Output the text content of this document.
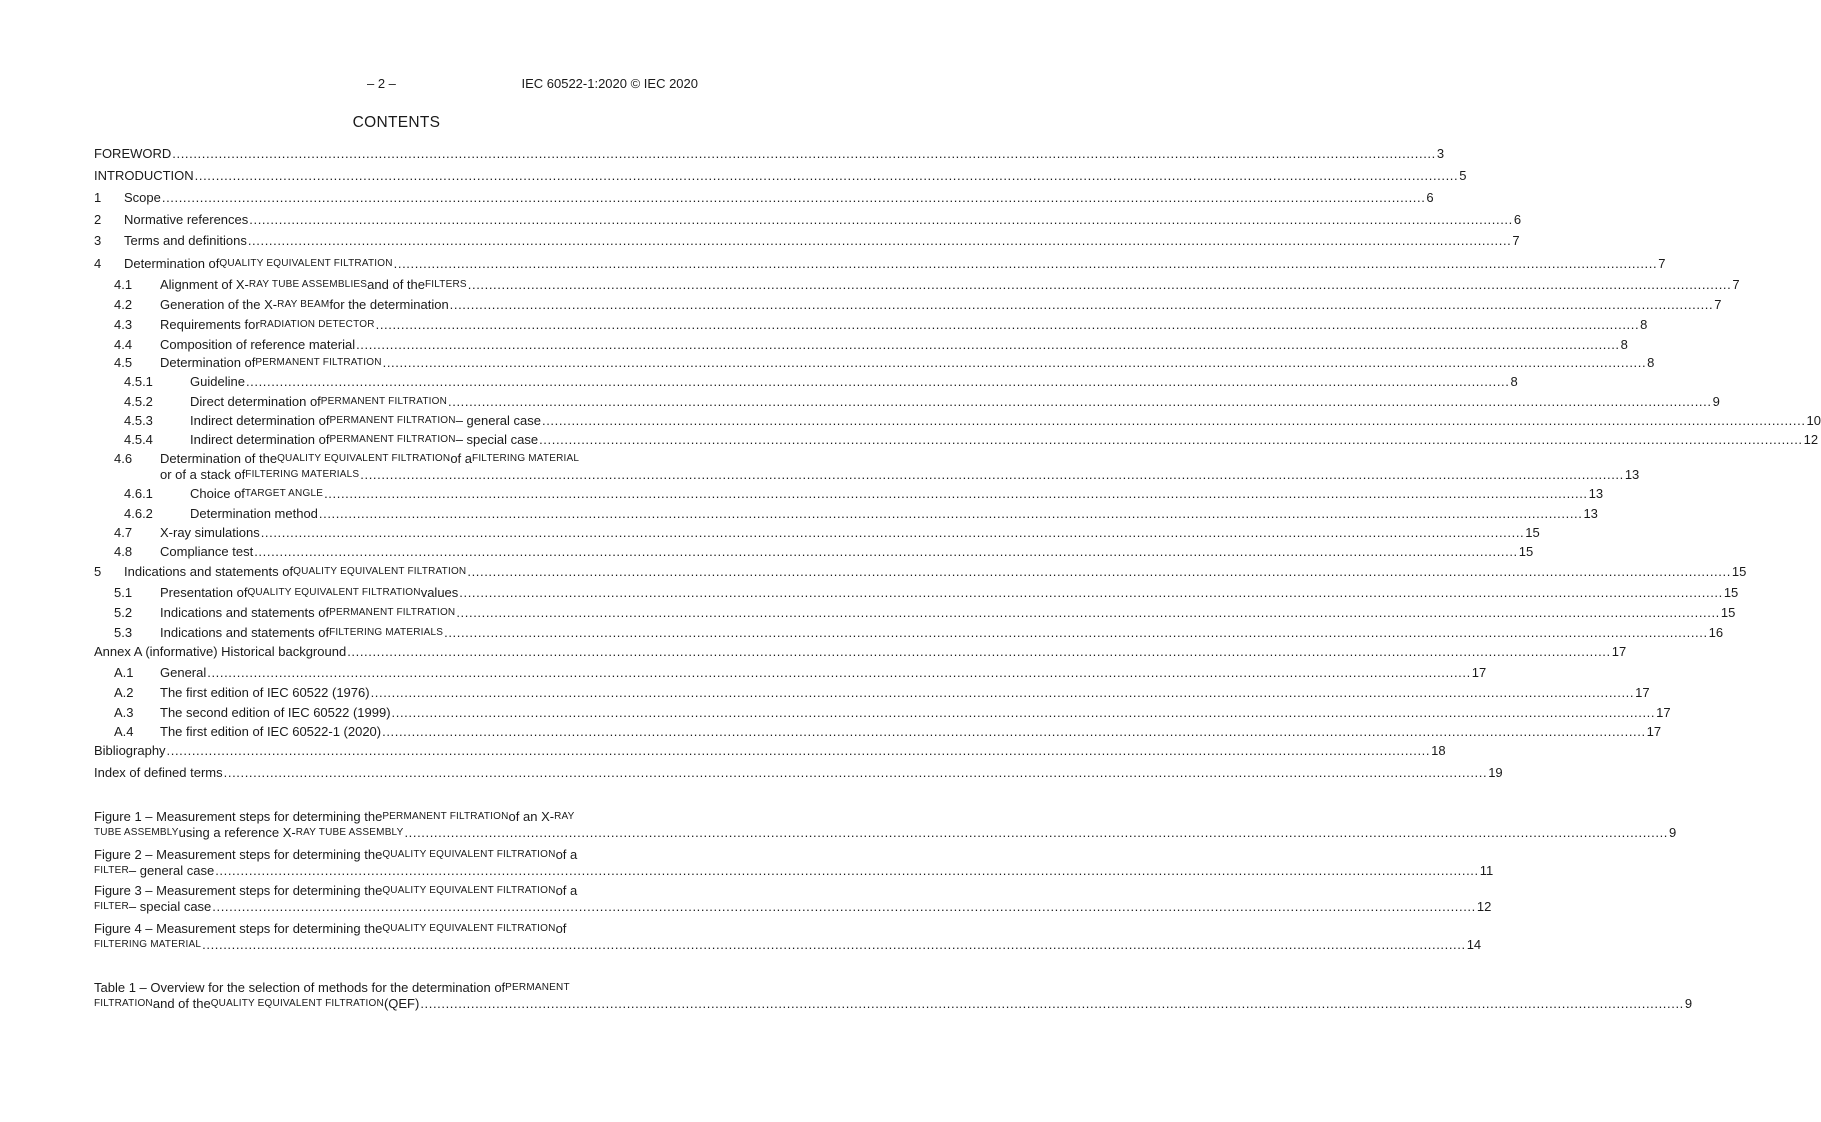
– 2 –	IEC 60522-1:2020 © IEC 2020
CONTENTS
FOREWORD ............................................................................................................................................................................................................................................................................................................ 3
INTRODUCTION ............................................................................................................................................................................................................................................................................................................ 5
1 Scope ............................................................................................................................................................................................................................................................................................................ 6
2 Normative references ............................................................................................................................................................................................................................................................................................................ 6
3 Terms and definitions ............................................................................................................................................................................................................................................................................................................ 7
4 Determination of QUALITY EQUIVALENT FILTRATION ............................................................................................................................................................................................................................................................................................................ 7
4.1 Alignment of X- RAY TUBE ASSEMBLIES and of the FILTERS ............................................................................................................................................................................................................................................................................................................ 7
4.2 Generation of the X- RAY BEAM for the determination ............................................................................................................................................................................................................................................................................................................ 7
4.3 Requirements for RADIATION DETECTOR ............................................................................................................................................................................................................................................................................................................ 8
4.4 Composition of reference material ............................................................................................................................................................................................................................................................................................................ 8
4.5 Determination of PERMANENT FILTRATION ............................................................................................................................................................................................................................................................................................................ 8
4.5.1	Guideline ............................................................................................................................................................................................................................................................................................................ 8
4.5.2	Direct determination of PERMANENT FILTRATION ............................................................................................................................................................................................................................................................................................................ 9
4.5.3	Indirect determination of PERMANENT FILTRATION – general case ............................................................................................................................................................................................................................................................................................................ 10
4.5.4	Indirect determination of PERMANENT FILTRATION – special case ............................................................................................................................................................................................................................................................................................................ 12
4.6 Determination of the QUALITY EQUIVALENT FILTRATION of a FILTERING MATERIAL
or of a stack of FILTERING MATERIALS ............................................................................................................................................................................................................................................................................................................ 13
4.6.1	Choice of TARGET ANGLE ............................................................................................................................................................................................................................................................................................................ 13
4.6.2	Determination method ............................................................................................................................................................................................................................................................................................................ 13
4.7 X-ray simulations ............................................................................................................................................................................................................................................................................................................ 15
4.8 Compliance test ............................................................................................................................................................................................................................................................................................................ 15
5 Indications and statements of QUALITY EQUIVALENT FILTRATION ............................................................................................................................................................................................................................................................................................................ 15
5.1 Presentation of QUALITY EQUIVALENT FILTRATION values ............................................................................................................................................................................................................................................................................................................ 15
5.2 Indications and statements of PERMANENT FILTRATION ............................................................................................................................................................................................................................................................................................................ 15
5.3 Indications and statements of FILTERING MATERIALS ............................................................................................................................................................................................................................................................................................................ 16
Annex A (informative) Historical background ............................................................................................................................................................................................................................................................................................................ 17
A.1 General ............................................................................................................................................................................................................................................................................................................ 17
A.2 The first edition of IEC 60522 (1976) ............................................................................................................................................................................................................................................................................................................ 17
A.3 The second edition of IEC 60522 (1999) ............................................................................................................................................................................................................................................................................................................ 17
A.4 The first edition of IEC 60522-1 (2020) ............................................................................................................................................................................................................................................................................................................ 17
Bibliography ............................................................................................................................................................................................................................................................................................................ 18
Index of defined terms ............................................................................................................................................................................................................................................................................................................ 19
Figure 1 – Measurement steps for determining the PERMANENT FILTRATION of an X- RAY
TUBE ASSEMBLY using a reference X- RAY TUBE ASSEMBLY ............................................................................................................................................................................................................................................................................................................ 9
Figure 2 – Measurement steps for determining the QUALITY EQUIVALENT FILTRATION of a
FILTER – general case ............................................................................................................................................................................................................................................................................................................ 11
Figure 3 – Measurement steps for determining the QUALITY EQUIVALENT FILTRATION of a
FILTER – special case ............................................................................................................................................................................................................................................................................................................ 12
Figure 4 – Measurement steps for determining the QUALITY EQUIVALENT FILTRATION of
FILTERING MATERIAL ............................................................................................................................................................................................................................................................................................................ 14
Table 1 – Overview for the selection of methods for the determination of PERMANENT
FILTRATION and of the QUALITY EQUIVALENT FILTRATION (QEF) ............................................................................................................................................................................................................................................................................................................ 9
